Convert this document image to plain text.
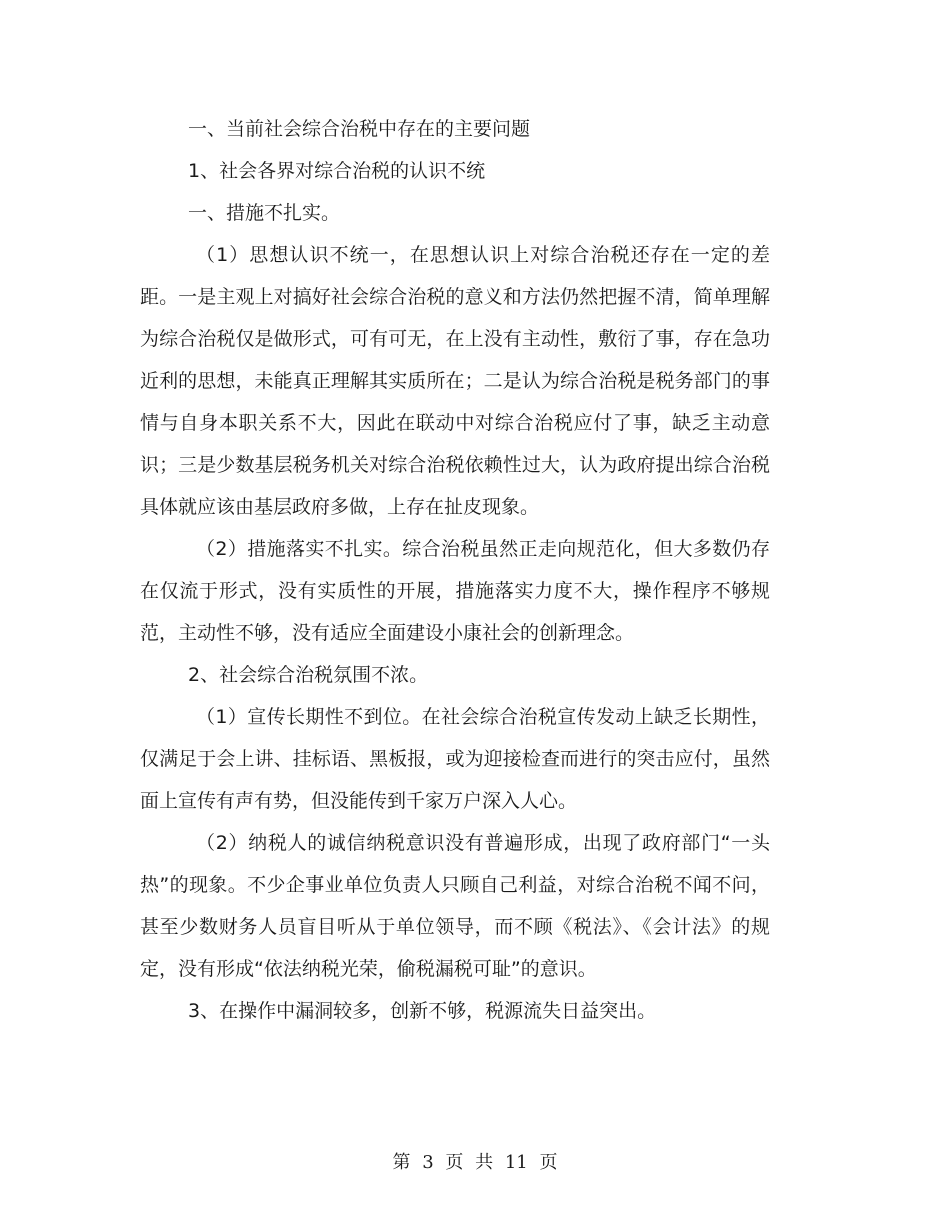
一、当前社会综合治税中存在的主要问题

1、社会各界对综合治税的认识不统

一、措施不扎实。

（1）思想认识不统一，在思想认识上对综合治税还存在一定的差距。一是主观上对搞好社会综合治税的意义和方法仍然把握不清，简单理解为综合治税仅是做形式，可有可无，在上没有主动性，敷衍了事，存在急功近利的思想，未能真正理解其实质所在；二是认为综合治税是税务部门的事情与自身本职关系不大，因此在联动中对综合治税应付了事，缺乏主动意识；三是少数基层税务机关对综合治税依赖性过大，认为政府提出综合治税具体就应该由基层政府多做，上存在扯皮现象。

（2）措施落实不扎实。综合治税虽然正走向规范化，但大多数仍存在仅流于形式，没有实质性的开展，措施落实力度不大，操作程序不够规范，主动性不够，没有适应全面建设小康社会的创新理念。

2、社会综合治税氛围不浓。

（1）宣传长期性不到位。在社会综合治税宣传发动上缺乏长期性，仅满足于会上讲、挂标语、黑板报，或为迎接检查而进行的突击应付，虽然面上宣传有声有势，但没能传到千家万户深入人心。

（2）纳税人的诚信纳税意识没有普遍形成，出现了政府部门“一头热”的现象。不少企事业单位负责人只顾自己利益，对综合治税不闻不问，甚至少数财务人员盲目听从于单位领导，而不顾《税法》、《会计法》的规定，没有形成“依法纳税光荣，偷税漏税可耻”的意识。

3、在操作中漏洞较多，创新不够，税源流失日益突出。

第 3 页 共 11 页
